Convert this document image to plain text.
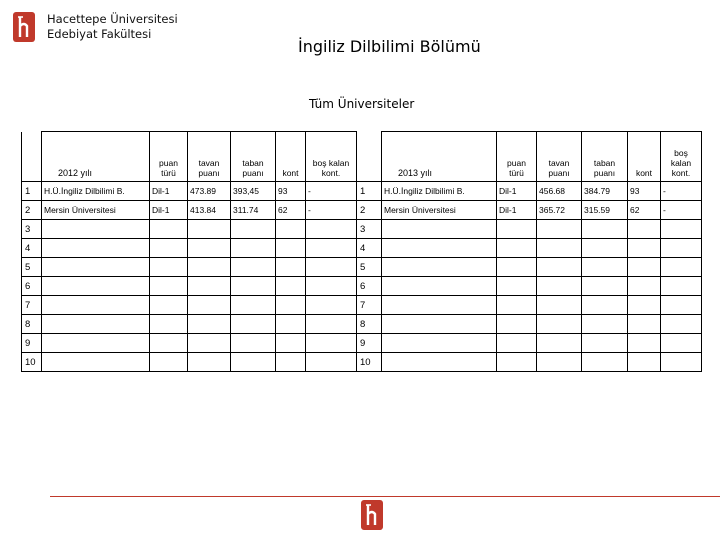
Hacettepe Üniversitesi
Edebiyat Fakültesi
İngiliz Dilbilimi Bölümü
Tüm Üniversiteler
	2012 yılı	puan türü	tavan puanı	taban puanı	kont	boş kalan kont.
1	H.Ü.İngiliz Dilbilimi B.	Dil-1	473.89	393,45	93	-
2	Mersin Üniversitesi	Dil-1	413.84	311.74	62	-
3						
4						
5						
6						
7						
8						
9						
10						
	2013 yılı	puan türü	tavan puanı	taban puanı	kont	boş kalan kont.
1	H.Ü.İngiliz Dilbilimi B.	Dil-1	456.68	384.79	93	-
2	Mersin Üniversitesi	Dil-1	365.72	315.59	62	-
3						
4						
5						
6						
7						
8						
9						
10						
